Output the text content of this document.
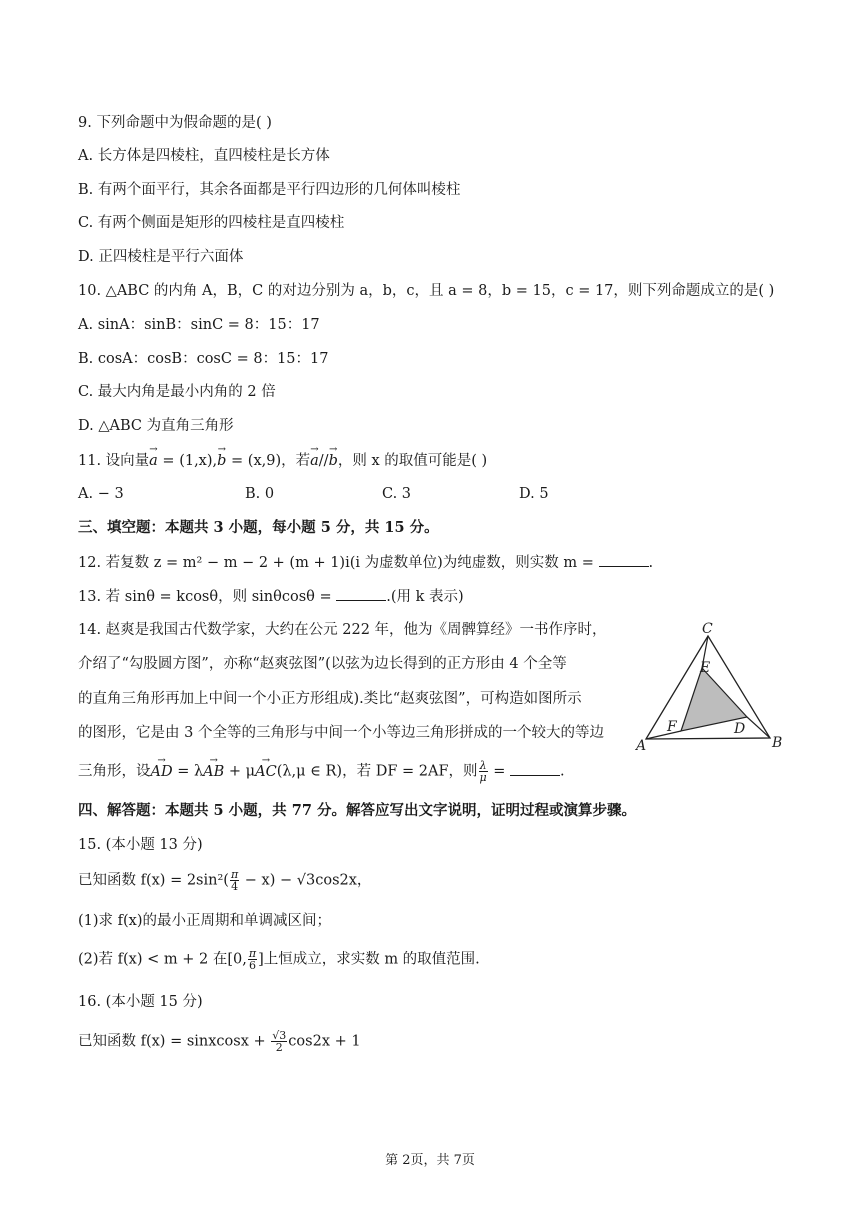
9. 下列命题中为假命题的是( )
A. 长方体是四棱柱，直四棱柱是长方体
B. 有两个面平行，其余各面都是平行四边形的几何体叫棱柱
C. 有两个侧面是矩形的四棱柱是直四棱柱
D. 正四棱柱是平行六面体
10. △ABC 的内角 A，B，C 的对边分别为 a，b，c，且 a = 8，b = 15，c = 17，则下列命题成立的是( )
A. sinA：sinB：sinC = 8：15：17
B. cosA：cosB：cosC = 8：15：17
C. 最大内角是最小内角的 2 倍
D. △ABC 为直角三角形
11. 设向量→ a = (1,x),→ b = (x,9)，若→ a//→ b，则 x 的取值可能是( )
A. − 3	B. 0	C. 3	D. 5
三、填空题：本题共 3 小题，每小题 5 分，共 15 分。
12. 若复数 z = m² − m − 2 + (m + 1)i(i 为虚数单位)为纯虚数，则实数 m =	.
13. 若 sinθ = kcosθ，则 sinθcosθ =	.(用 k 表示)
14. 赵爽是我国古代数学家，大约在公元 222 年，他为《周髀算经》一书作序时，
介绍了“勾股圆方图”，亦称“赵爽弦图”(以弦为边长得到的正方形由 4 个全等
的直角三角形再加上中间一个小正方形组成).类比“赵爽弦图”，可构造如图所示
的图形，它是由 3 个全等的三角形与中间一个小等边三角形拼成的一个较大的等边
三角形，设→ AD = λ→ AB + μ→ AC(λ,μ ∈ R)，若 DF = 2AF，则 $\frac{\lambda}{\mu}$ =	.
C
A	B
E
F	D
四、解答题：本题共 5 小题，共 77 分。解答应写出文字说明，证明过程或演算步骤。
15. (本小题 13 分)
已知函数 $f(x) = 2\sin^2( \frac{\pi}{4} - x) - √3\cos 2x$，
(1)求 f(x)的最小正周期和单调减区间；
(2)若 f(x) < m + 2 在[0, $\frac{\pi}{6}$ ]上恒成立，求实数 m 的取值范围.
16. (本小题 15 分)
已知函数 f(x) = sinxcosx + $\frac{√3}{2} \cos 2x + 1$
第 2页，共 7页
